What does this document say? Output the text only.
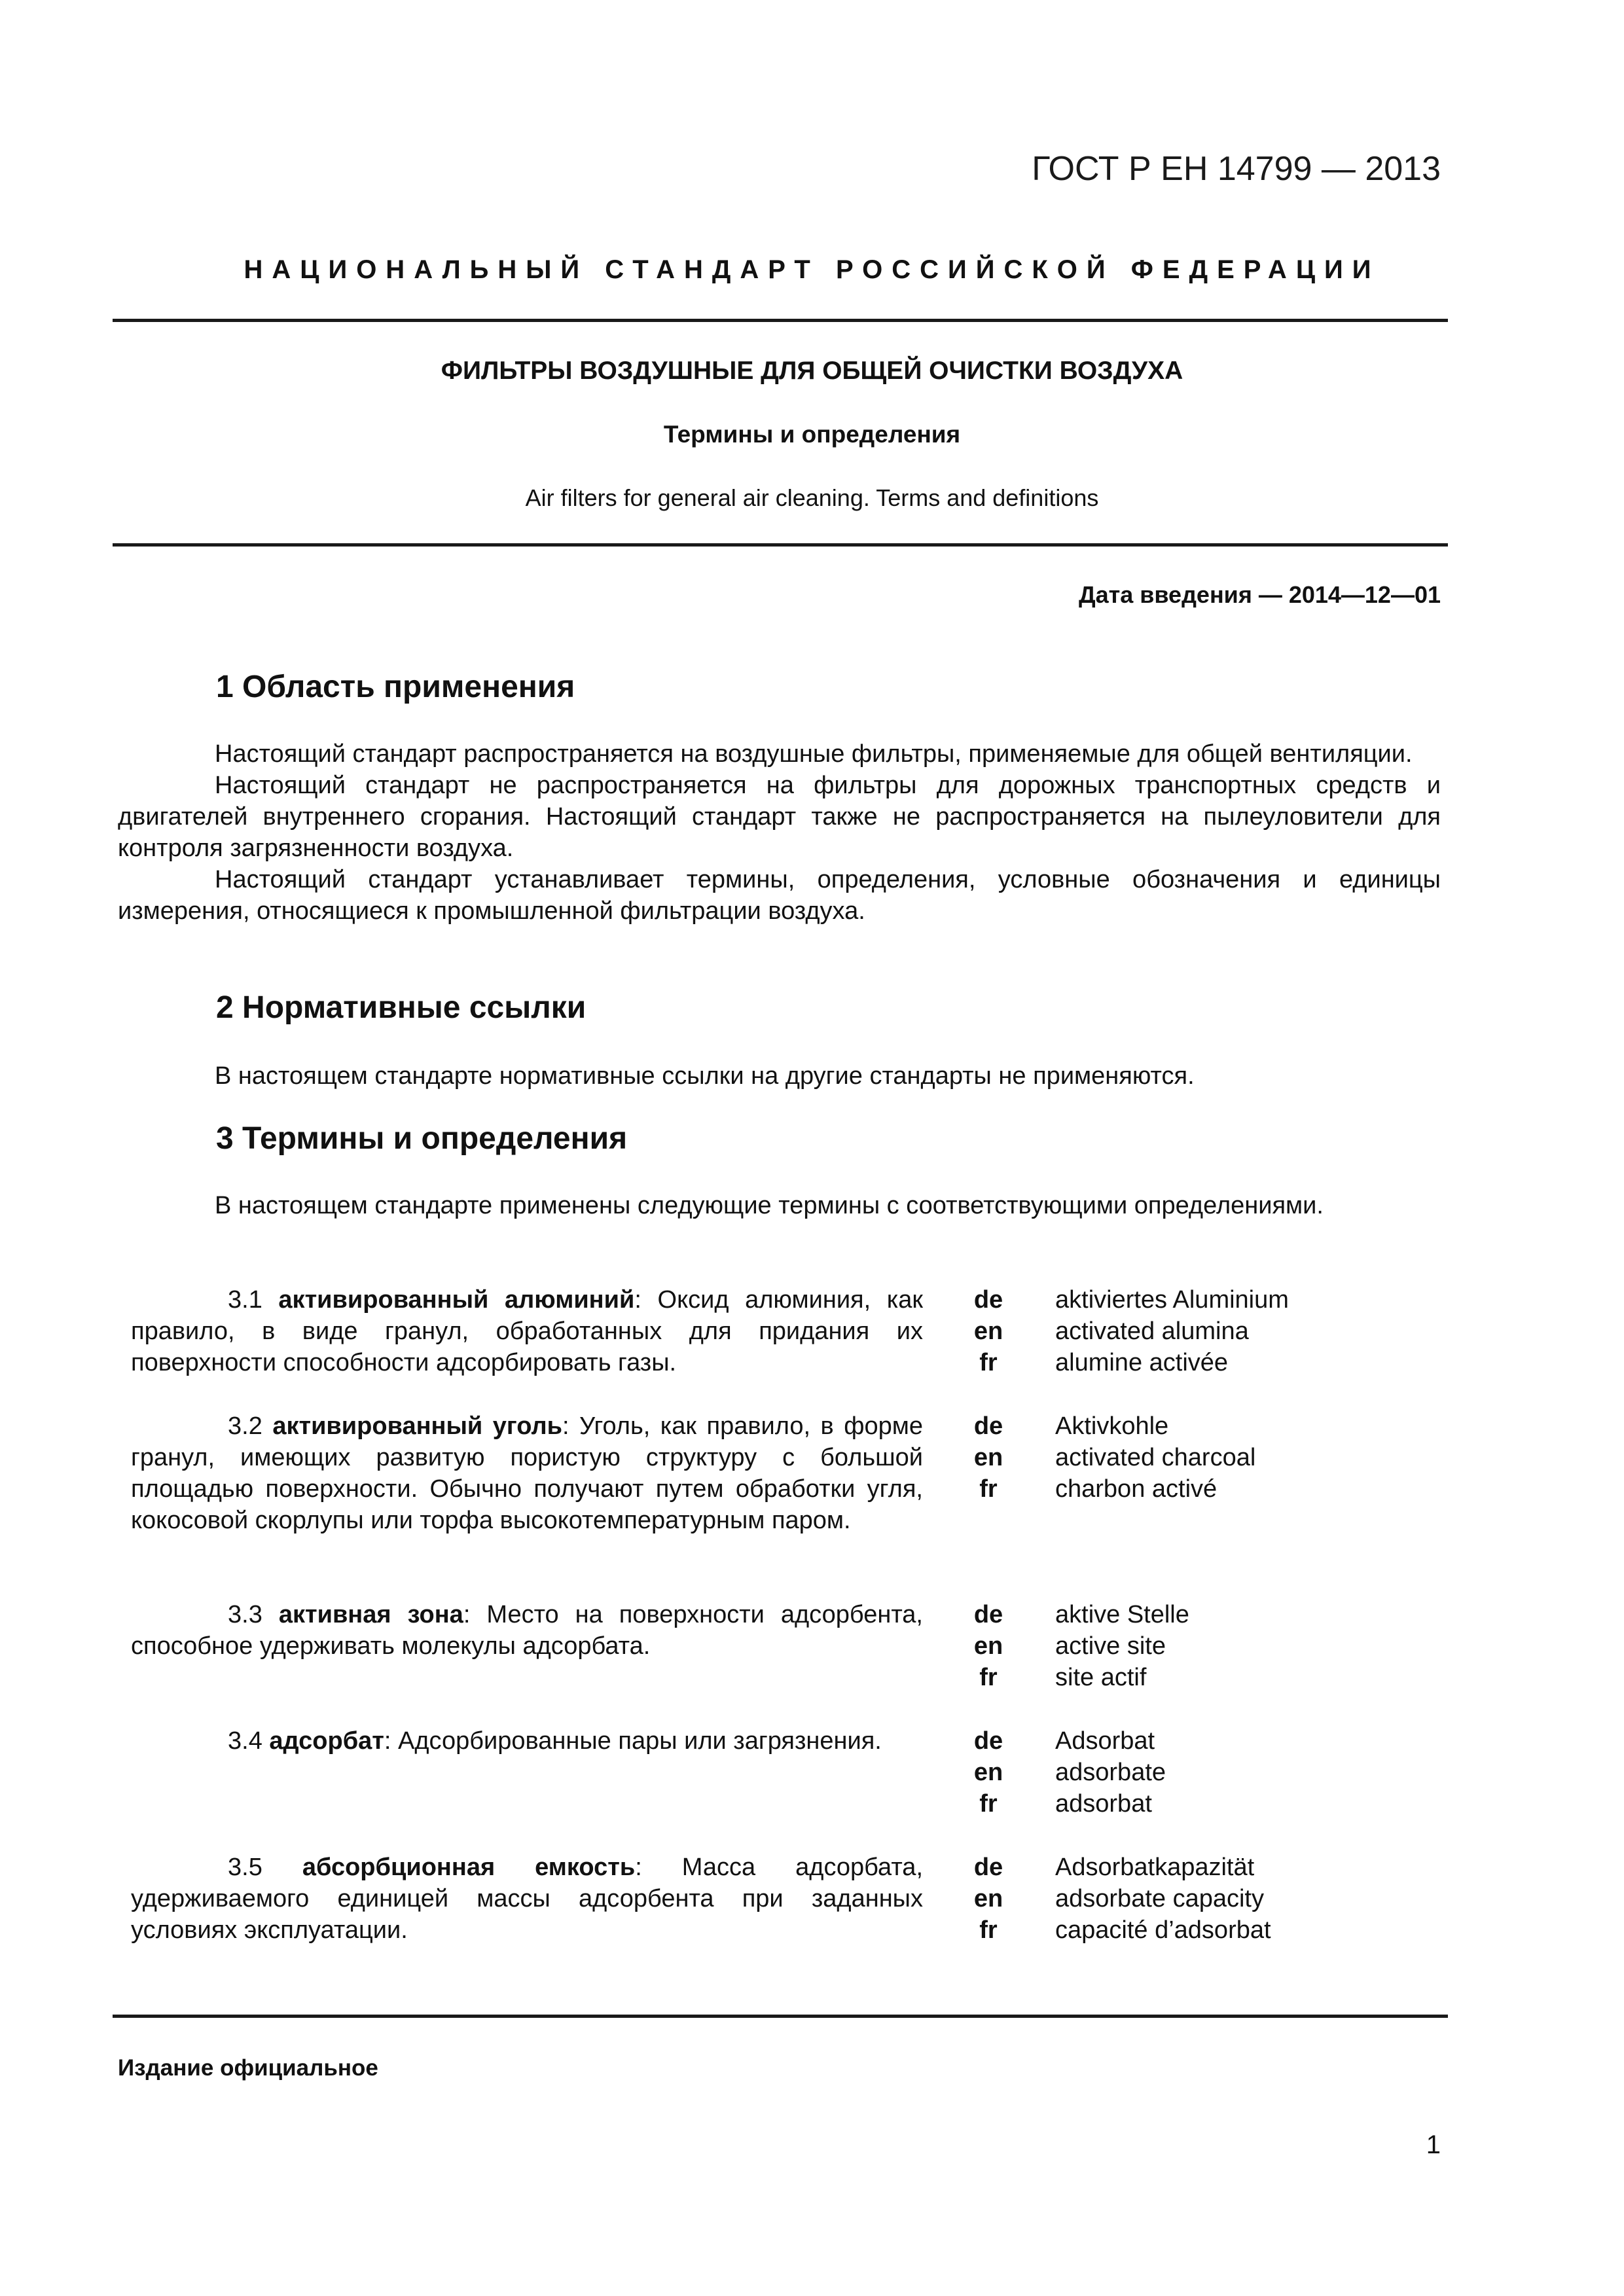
ГОСТ Р ЕН 14799 — 2013
НАЦИОНАЛЬНЫЙ СТАНДАРТ РОССИЙСКОЙ ФЕДЕРАЦИИ
ФИЛЬТРЫ ВОЗДУШНЫЕ ДЛЯ ОБЩЕЙ ОЧИСТКИ ВОЗДУХА
Термины и определения
Air filters for general air cleaning. Terms and definitions
Дата введения — 2014—12—01
1 Область применения
Настоящий стандарт распространяется на воздушные фильтры, применяемые для общей вентиляции.
Настоящий стандарт не распространяется на фильтры для дорожных транспортных средств и двигателей внутреннего сгорания. Настоящий стандарт также не распространяется на пылеуловители для контроля загрязненности воздуха.
Настоящий стандарт устанавливает термины, определения, условные обозначения и единицы измерения, относящиеся к промышленной фильтрации воздуха.
2 Нормативные ссылки
В настоящем стандарте нормативные ссылки на другие стандарты не применяются.
3 Термины и определения
В настоящем стандарте применены следующие термины с соответствующими определениями.
3.1 активированный алюминий: Оксид алюминия, как правило, в виде гранул, обработанных для придания их поверхности способности адсорбировать газы.
de
en
fr
aktiviertes Aluminium
activated alumina
alumine activée
3.2 активированный уголь: Уголь, как правило, в форме гранул, имеющих развитую пористую структуру с большой площадью поверхности. Обычно получают путем обработки угля, кокосовой скорлупы или торфа высокотемпературным паром.
de
en
fr
Aktivkohle
activated charcoal
charbon activé
3.3 активная зона: Место на поверхности адсорбента, способное удерживать молекулы адсорбата.
de
en
fr
aktive Stelle
active site
site actif
3.4 адсорбат: Адсорбированные пары или загрязнения.	de
en
fr
Adsorbat
adsorbate
adsorbat
3.5 абсорбционная емкость: Масса адсорбата, удерживаемого единицей массы адсорбента при заданных условиях эксплуатации.
de
en
fr
Adsorbatkapazität
adsorbate capacity
capacité d’adsorbat
Издание официальное
1
